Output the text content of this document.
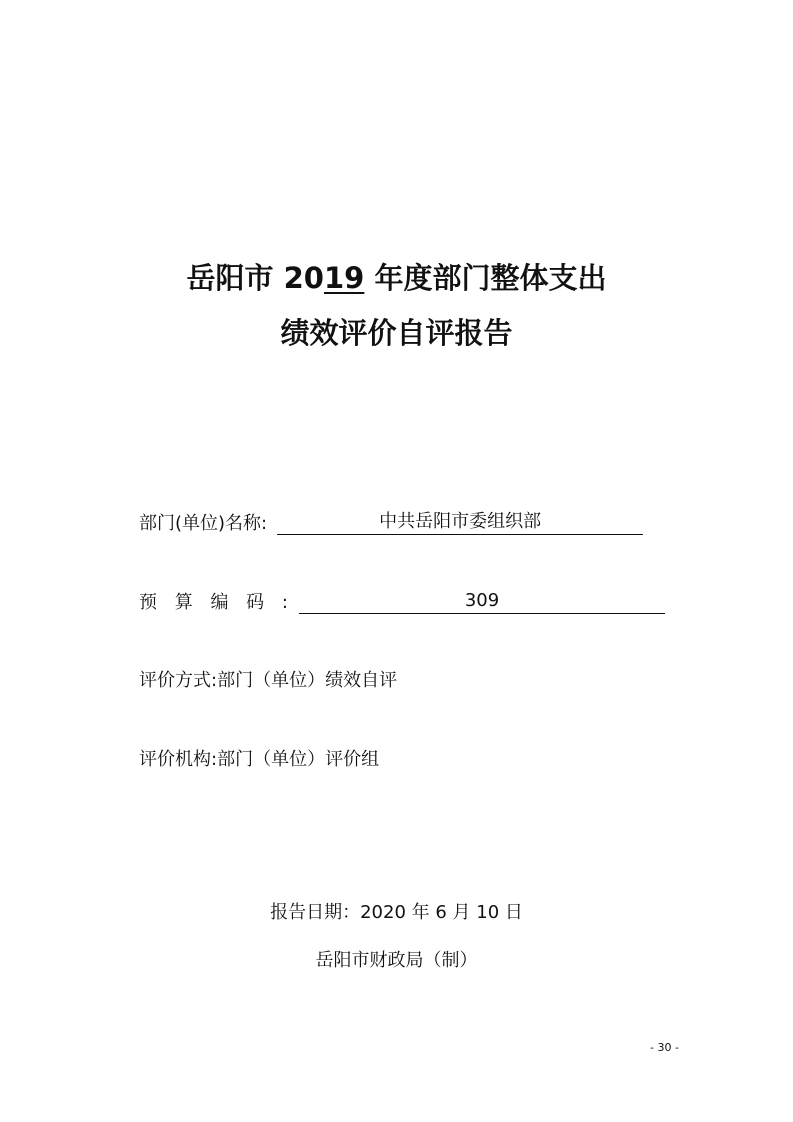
岳阳市 2019 年度部门整体支出
绩效评价自评报告
部门(单位)名称:	中共岳阳市委组织部
预 算 编 码 :	309
评价方式: 部门（单位）绩效自评
评价机构: 部门（单位）评价组
报告日期：2020 年 6 月 10 日
岳阳市财政局（制）
- 30 -
